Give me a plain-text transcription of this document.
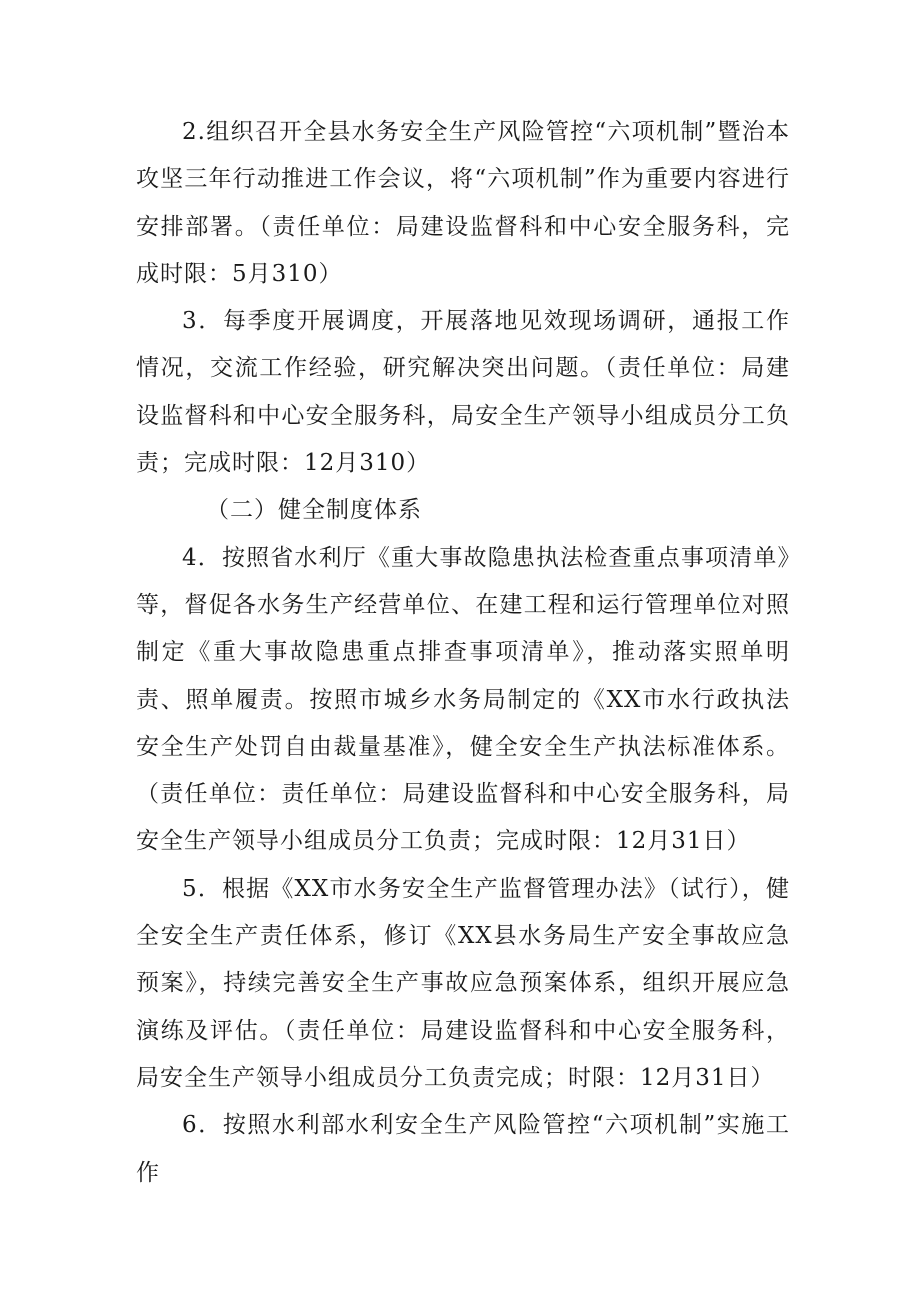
2.组织召开全县水务安全生产风险管控“六项机制”暨治本攻坚三年行动推进工作会议，将“六项机制”作为重要内容进行安排部署。（责任单位：局建设监督科和中心安全服务科，完成时限：5月310）

3．每季度开展调度，开展落地见效现场调研，通报工作情况，交流工作经验，研究解决突出问题。（责任单位：局建设监督科和中心安全服务科，局安全生产领导小组成员分工负责；完成时限：12月310）

（二）健全制度体系

4．按照省水利厅《重大事故隐患执法检查重点事项清单》等，督促各水务生产经营单位、在建工程和运行管理单位对照制定《重大事故隐患重点排查事项清单》，推动落实照单明责、照单履责。按照市城乡水务局制定的《XX市水行政执法安全生产处罚自由裁量基准》，健全安全生产执法标准体系。（责任单位：责任单位：局建设监督科和中心安全服务科，局安全生产领导小组成员分工负责；完成时限：12月31日）

5．根据《XX市水务安全生产监督管理办法》（试行），健全安全生产责任体系，修订《XX县水务局生产安全事故应急预案》，持续完善安全生产事故应急预案体系，组织开展应急演练及评估。（责任单位：局建设监督科和中心安全服务科，局安全生产领导小组成员分工负责完成；时限：12月31日）

6．按照水利部水利安全生产风险管控“六项机制”实施工作
